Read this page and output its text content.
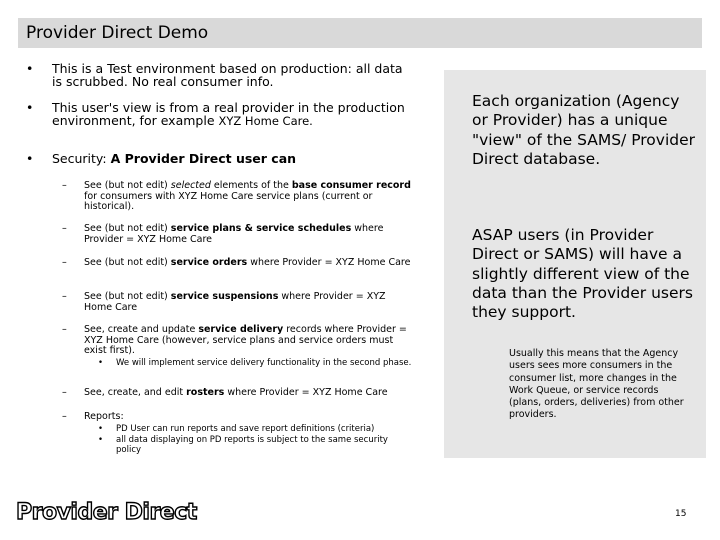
Provider Direct Demo
• This is a Test environment based on production: all data is scrubbed. No real consumer info.
• This user's view is from a real provider in the production environment, for example XYZ Home Care.
• Security: A Provider Direct user can
– See (but not edit) selected elements of the base consumer record for consumers with XYZ Home Care service plans (current or historical).
– See (but not edit) service plans & service schedules where Provider = XYZ Home Care
– See (but not edit) service orders where Provider = XYZ Home Care
– See (but not edit) service suspensions where Provider = XYZ Home Care
– See, create and update service delivery records where Provider = XYZ Home Care (however, service plans and service orders must exist first).
• We will implement service delivery functionality in the second phase.
– See, create, and edit rosters where Provider = XYZ Home Care
– Reports:
• PD User can run reports and save report definitions (criteria)
• all data displaying on PD reports is subject to the same security policy
Each organization (Agency or Provider) has a unique "view" of the SAMS/ Provider Direct database.
ASAP users (in Provider Direct or SAMS) will have a slightly different view of the data than the Provider users they support.
Usually this means that the Agency users sees more consumers in the consumer list, more changes in the Work Queue, or service records (plans, orders, deliveries) from other providers.
Provider Direct	15
